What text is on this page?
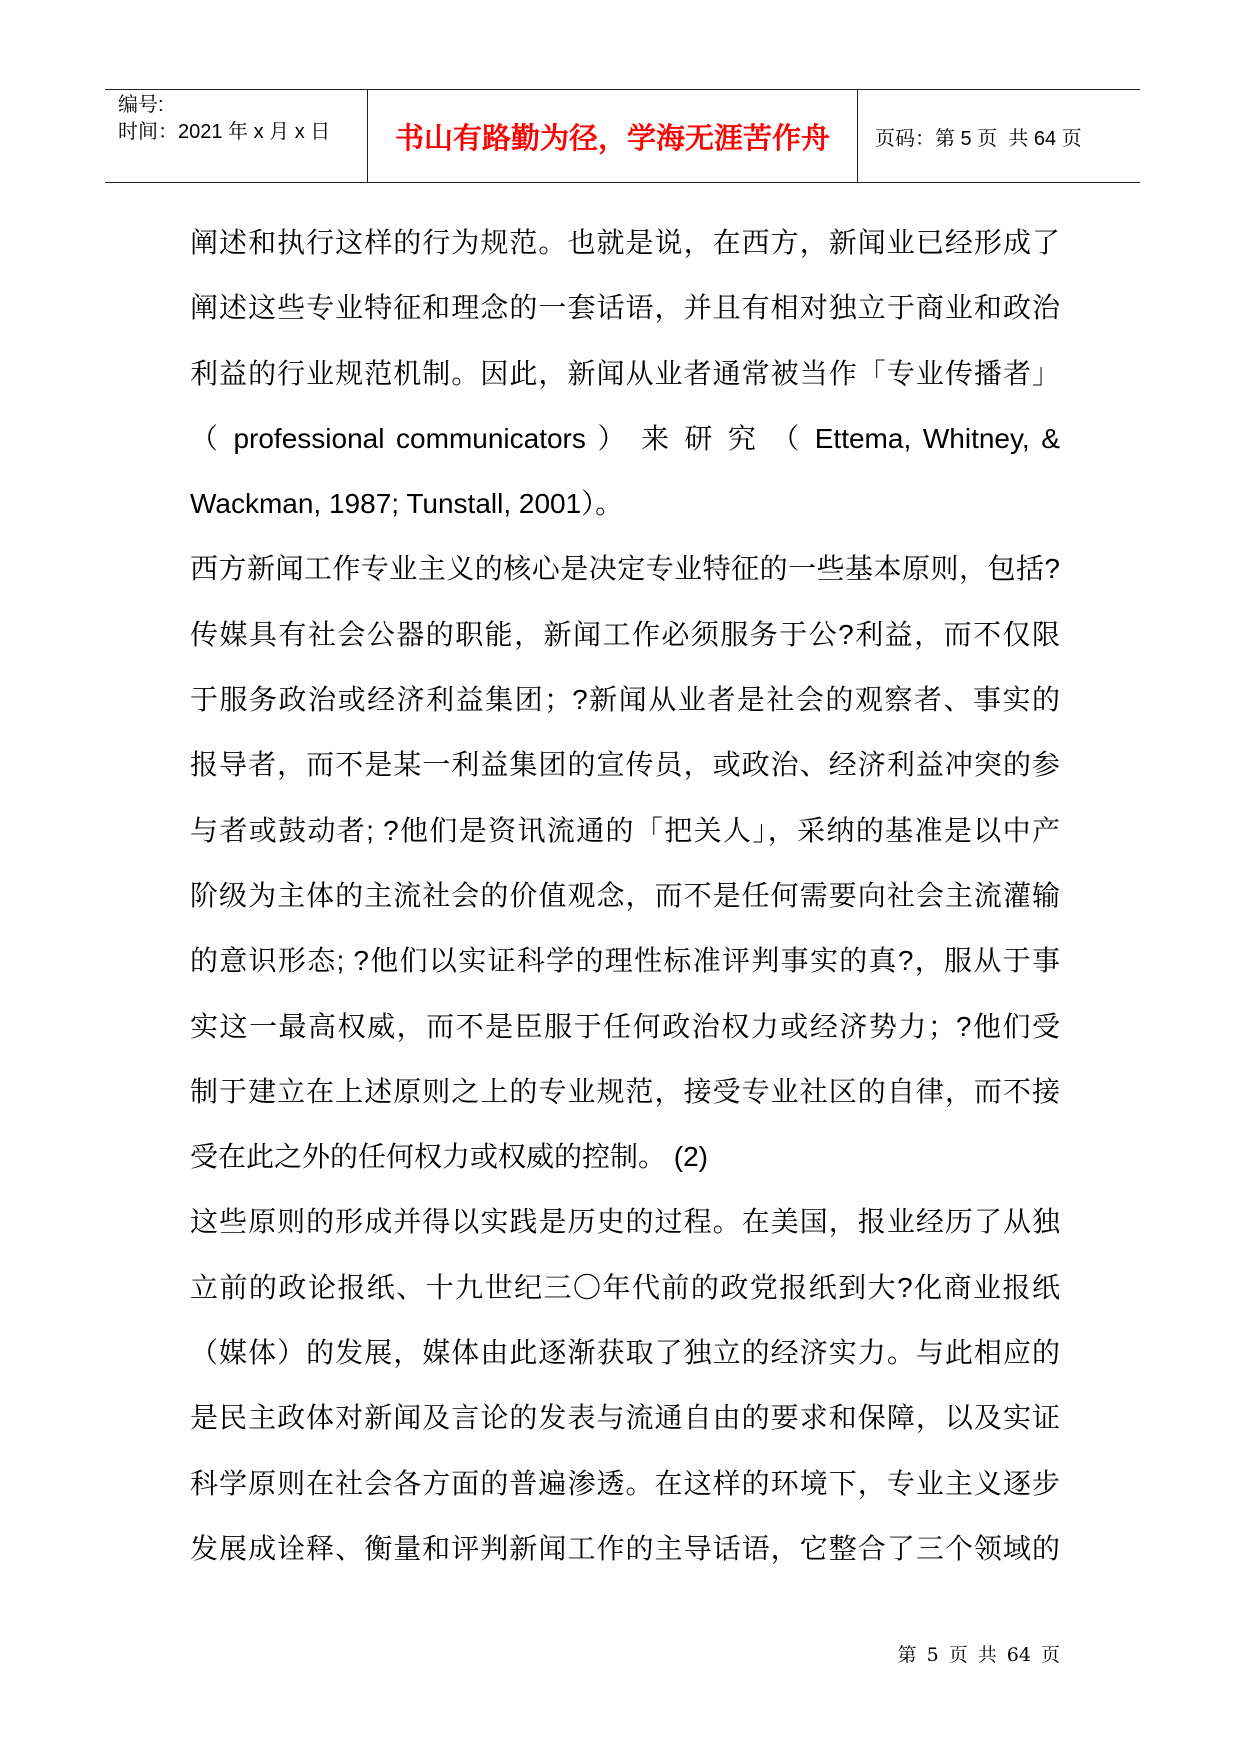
编号:
时间：2021 年 x 月 x 日	书山有路勤为径，学海无涯苦作舟	页码：第 5 页  共 64 页
阐述和执行这样的行为规范。也就是说，在西方，新闻业已经形成了
阐述这些专业特征和理念的一套话语，并且有相对独立于商业和政治
利益的行业规范机制。因此，新闻从业者通常被当作「专业传播者」
（ professional communicators ） 来 研 究 （ Ettema, Whitney, &
Wackman, 1987; Tunstall, 2001）。
西方新闻工作专业主义的核心是决定专业特征的一些基本原则，包括?
传媒具有社会公器的职能，新闻工作必须服务于公?利益，而不仅限
于服务政治或经济利益集团；?新闻从业者是社会的观察者、事实的
报导者，而不是某一利益集团的宣传员，或政治、经济利益冲突的参
与者或鼓动者; ?他们是资讯流通的「把关人」，采纳的基准是以中产
阶级为主体的主流社会的价值观念，而不是任何需要向社会主流灌输
的意识形态; ?他们以实证科学的理性标准评判事实的真?，服从于事
实这一最高权威，而不是臣服于任何政治权力或经济势力；?他们受
制于建立在上述原则之上的专业规范，接受专业社区的自律，而不接
受在此之外的任何权力或权威的控制。 (2)
这些原则的形成并得以实践是历史的过程。在美国，报业经历了从独
立前的政论报纸、十九世纪三〇年代前的政党报纸到大?化商业报纸
（媒体）的发展，媒体由此逐渐获取了独立的经济实力。与此相应的
是民主政体对新闻及言论的发表与流通自由的要求和保障，以及实证
科学原则在社会各方面的普遍渗透。在这样的环境下，专业主义逐步
发展成诠释、衡量和评判新闻工作的主导话语，它整合了三个领域的
第 5 页 共 64 页
